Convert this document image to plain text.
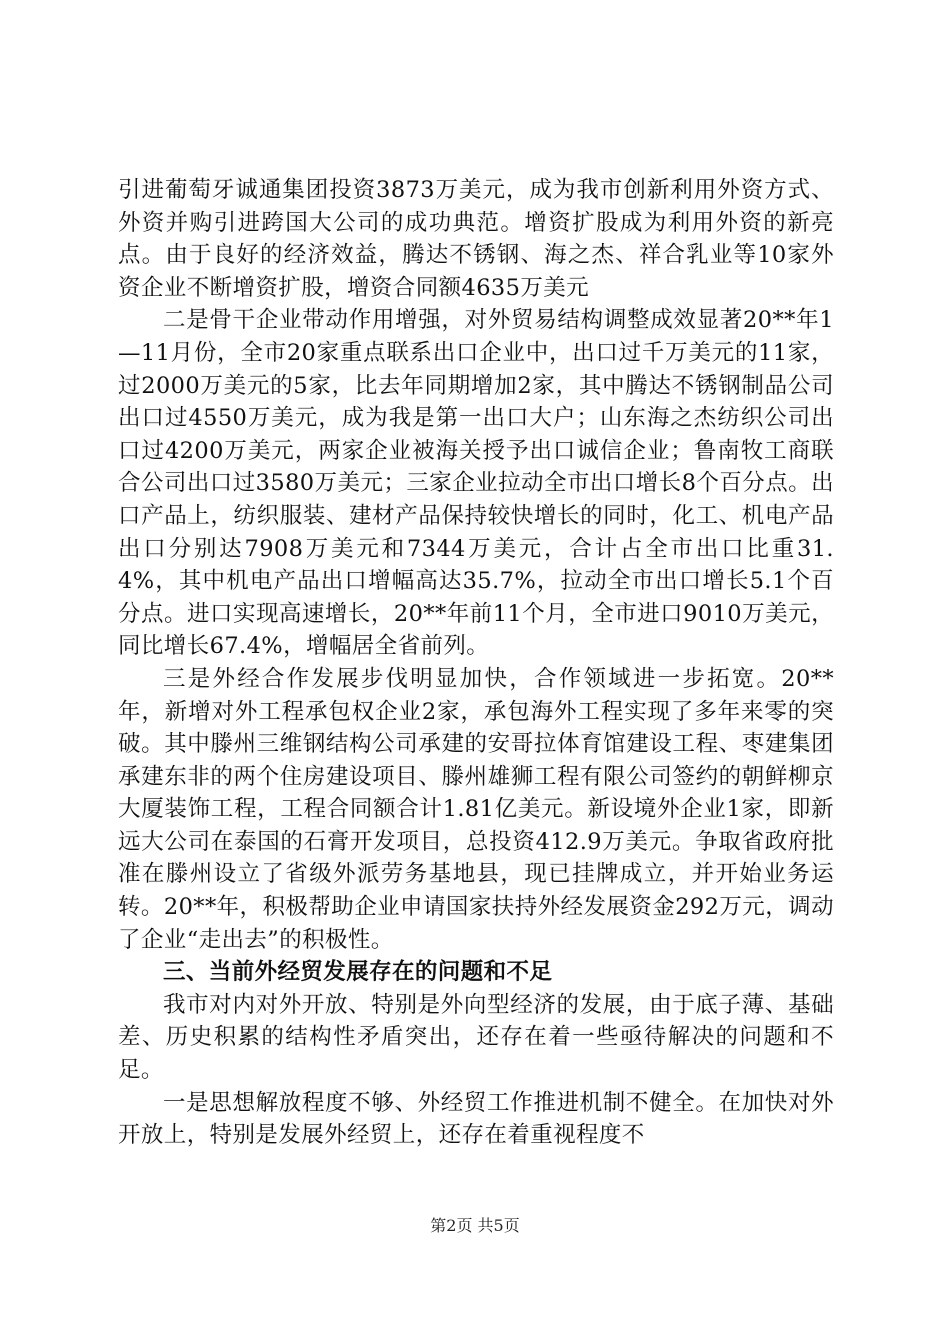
引进葡萄牙诚通集团投资3873万美元，成为我市创新利用外资方式、外资并购引进跨国大公司的成功典范。增资扩股成为利用外资的新亮点。由于良好的经济效益，腾达不锈钢、海之杰、祥合乳业等10家外资企业不断增资扩股，增资合同额4635万美元

二是骨干企业带动作用增强，对外贸易结构调整成效显著20**年1—11月份，全市20家重点联系出口企业中，出口过千万美元的11家，过2000万美元的5家，比去年同期增加2家，其中腾达不锈钢制品公司出口过4550万美元，成为我是第一出口大户；山东海之杰纺织公司出口过4200万美元，两家企业被海关授予出口诚信企业；鲁南牧工商联合公司出口过3580万美元；三家企业拉动全市出口增长8个百分点。出口产品上，纺织服装、建材产品保持较快增长的同时，化工、机电产品出口分别达7908万美元和7344万美元，合计占全市出口比重31.4%，其中机电产品出口增幅高达35.7%，拉动全市出口增长5.1个百分点。进口实现高速增长，20**年前11个月，全市进口9010万美元，同比增长67.4%，增幅居全省前列。

三是外经合作发展步伐明显加快，合作领域进一步拓宽。20**年，新增对外工程承包权企业2家，承包海外工程实现了多年来零的突破。其中滕州三维钢结构公司承建的安哥拉体育馆建设工程、枣建集团承建东非的两个住房建设项目、滕州雄狮工程有限公司签约的朝鲜柳京大厦装饰工程，工程合同额合计1.81亿美元。新设境外企业1家，即新远大公司在泰国的石膏开发项目，总投资412.9万美元。争取省政府批准在滕州设立了省级外派劳务基地县，现已挂牌成立，并开始业务运转。20**年，积极帮助企业申请国家扶持外经发展资金292万元，调动了企业“走出去”的积极性。

三、当前外经贸发展存在的问题和不足

我市对内对外开放、特别是外向型经济的发展，由于底子薄、基础差、历史积累的结构性矛盾突出，还存在着一些亟待解决的问题和不足。

一是思想解放程度不够、外经贸工作推进机制不健全。在加快对外开放上，特别是发展外经贸上，还存在着重视程度不

第2页 共5页
